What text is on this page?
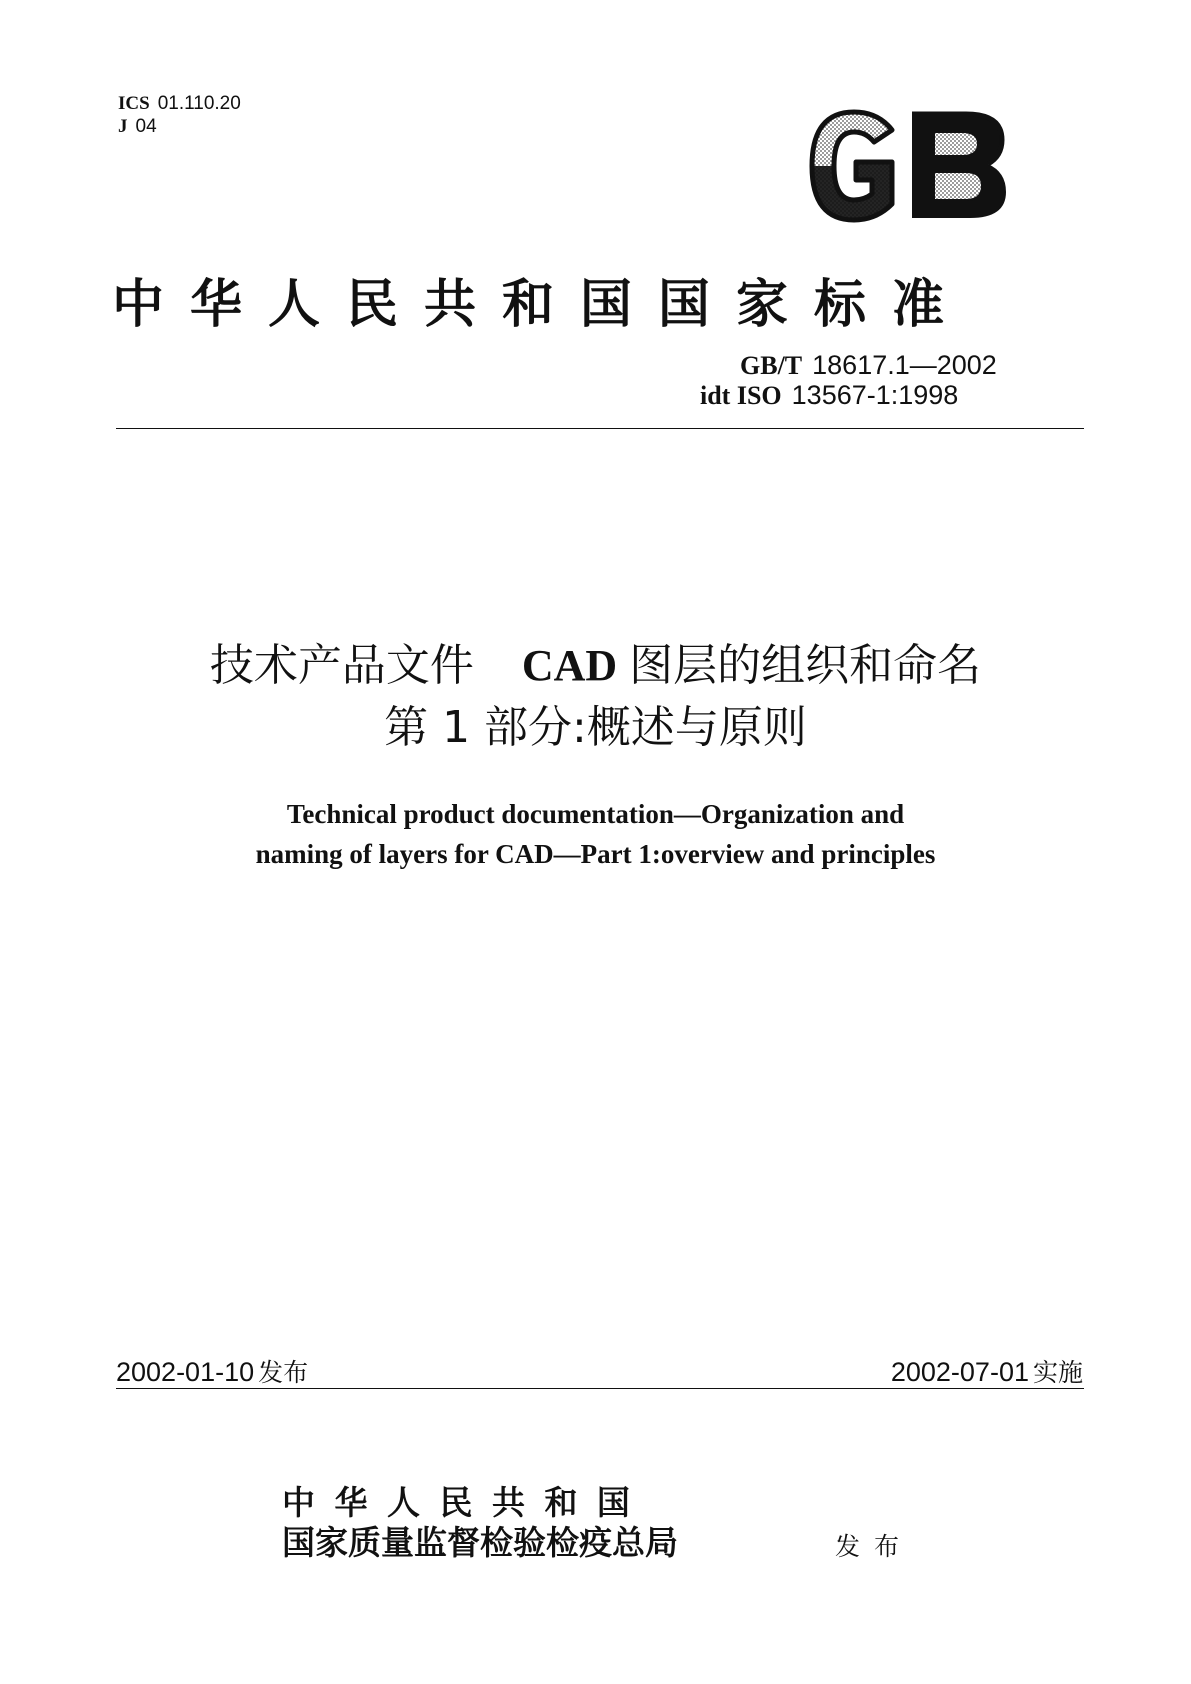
ICS 01.110.20
J 04
中华人民共和国国家标准
GB/T 18617.1—2002
idt ISO 13567-1:1998
技术产品文件 CAD 图层的组织和命名
第 1 部分:概述与原则
Technical product documentation—Organization and
naming of layers for CAD—Part 1:overview and principles
2002-01-10 发布	2002-07-01 实施
中 华 人 民 共 和 国
国家质量监督检验检疫总局	发布
